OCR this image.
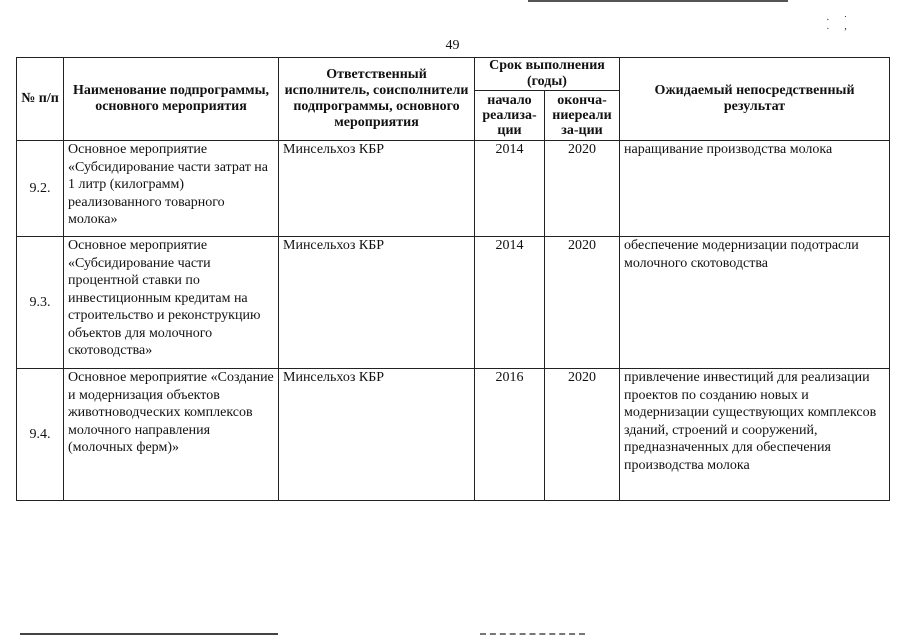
·˙ ˙ʼ
49
№ п/п	Наименование подпрограммы, основного мероприятия	Ответственный исполнитель, соисполнители подпрограммы, основного мероприятия	Срок выполнения (годы)		Ожидаемый непосредственный результат
			начало реализа-ции	оконча-ниереали за-ции	
9.2.	Основное мероприятие «Субсидирование части затрат на 1 литр (килограмм) реализованного товарного молока»	Минсельхоз КБР	2014	2020	наращивание производства молока
9.3.	Основное мероприятие «Субсидирование части процентной ставки по инвестиционным кредитам на строительство и реконструкцию объектов для молочного скотоводства»	Минсельхоз КБР	2014	2020	обеспечение модернизации подотрасли молочного скотоводства
9.4.	Основное мероприятие «Создание и модернизация объектов животноводческих комплексов молочного направления (молочных ферм)»	Минсельхоз КБР	2016	2020	привлечение инвестиций для реализации проектов по созданию новых и модернизации существующих комплексов зданий, строений и сооружений, предназначенных для обеспечения производства молока
